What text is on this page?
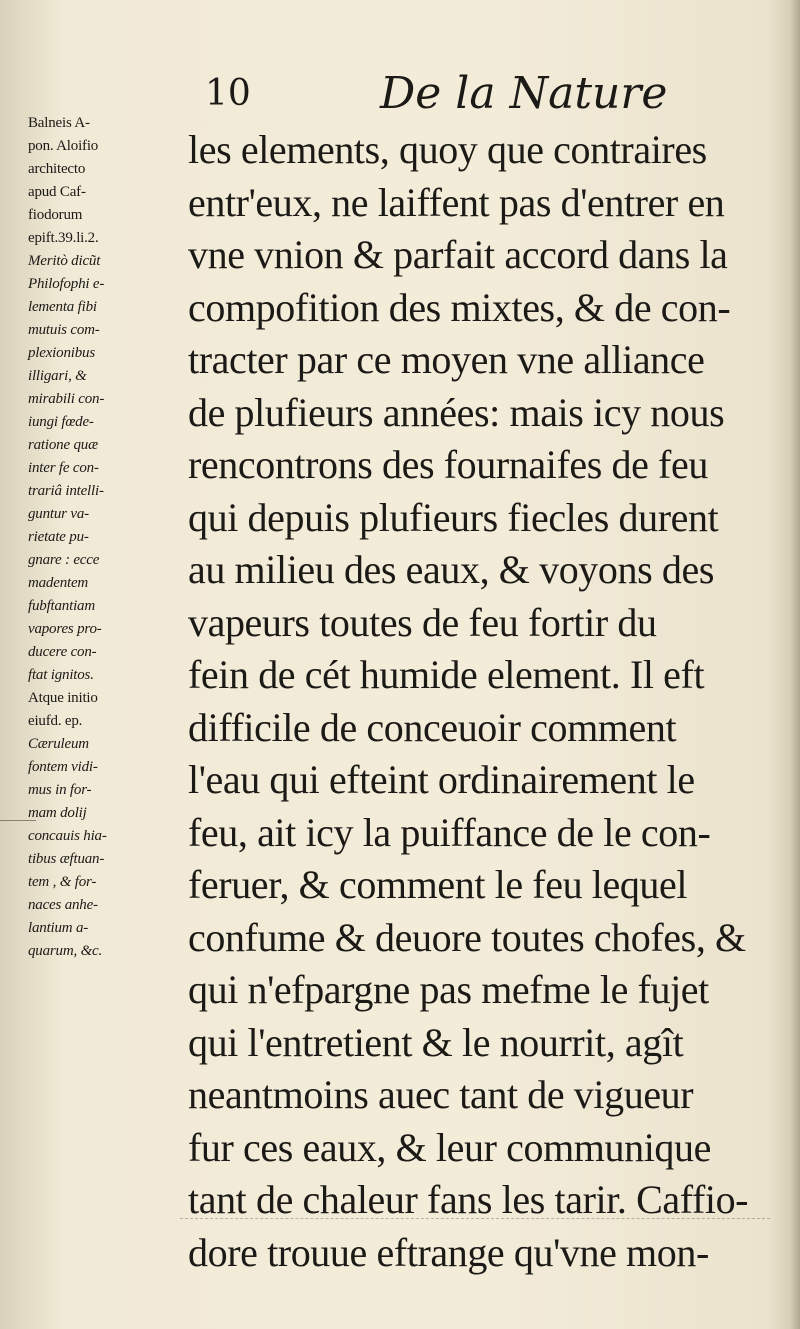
10	De la Nature
Balneis A-
pon. Aloifio
architecto
apud Caf-
fiodorum
epift.39.li.2.
Meritò dicũt
Philofophi e-
lementa fibi
mutuis com-
plexionibus
illigari, &
mirabili con-
iungi fœde-
ratione quæ
inter fe con-
trariâ intelli-
guntur va-
rietate pu-
gnare : ecce
madentem
fubftantiam
vapores pro-
ducere con-
ftat ignitos.
Atque initio
eiufd. ep.
Cæruleum
fontem vidi-
mus in for-
mam dolij
concauis hia-
tibus æftuan-
tem , & for-
naces anhe-
lantium a-
quarum, &c.
les elements, quoy que contraires
entr'eux, ne laiffent pas d'entrer en
vne vnion & parfait accord dans la
compofition des mixtes, & de con-
tracter par ce moyen vne alliance
de plufieurs années: mais icy nous
rencontrons des fournaifes de feu
qui depuis plufieurs fiecles durent
au milieu des eaux, & voyons des
vapeurs toutes de feu fortir du
fein de cét humide element. Il eft
difficile de conceuoir comment
l'eau qui efteint ordinairement le
feu, ait icy la puiffance de le con-
feruer, & comment le feu lequel
confume & deuore toutes chofes, &
qui n'efpargne pas mefme le fujet
qui l'entretient & le nourrit, agît
neantmoins auec tant de vigueur
fur ces eaux, & leur communique
tant de chaleur fans les tarir. Caffio-
dore trouue eftrange qu'vne mon-
